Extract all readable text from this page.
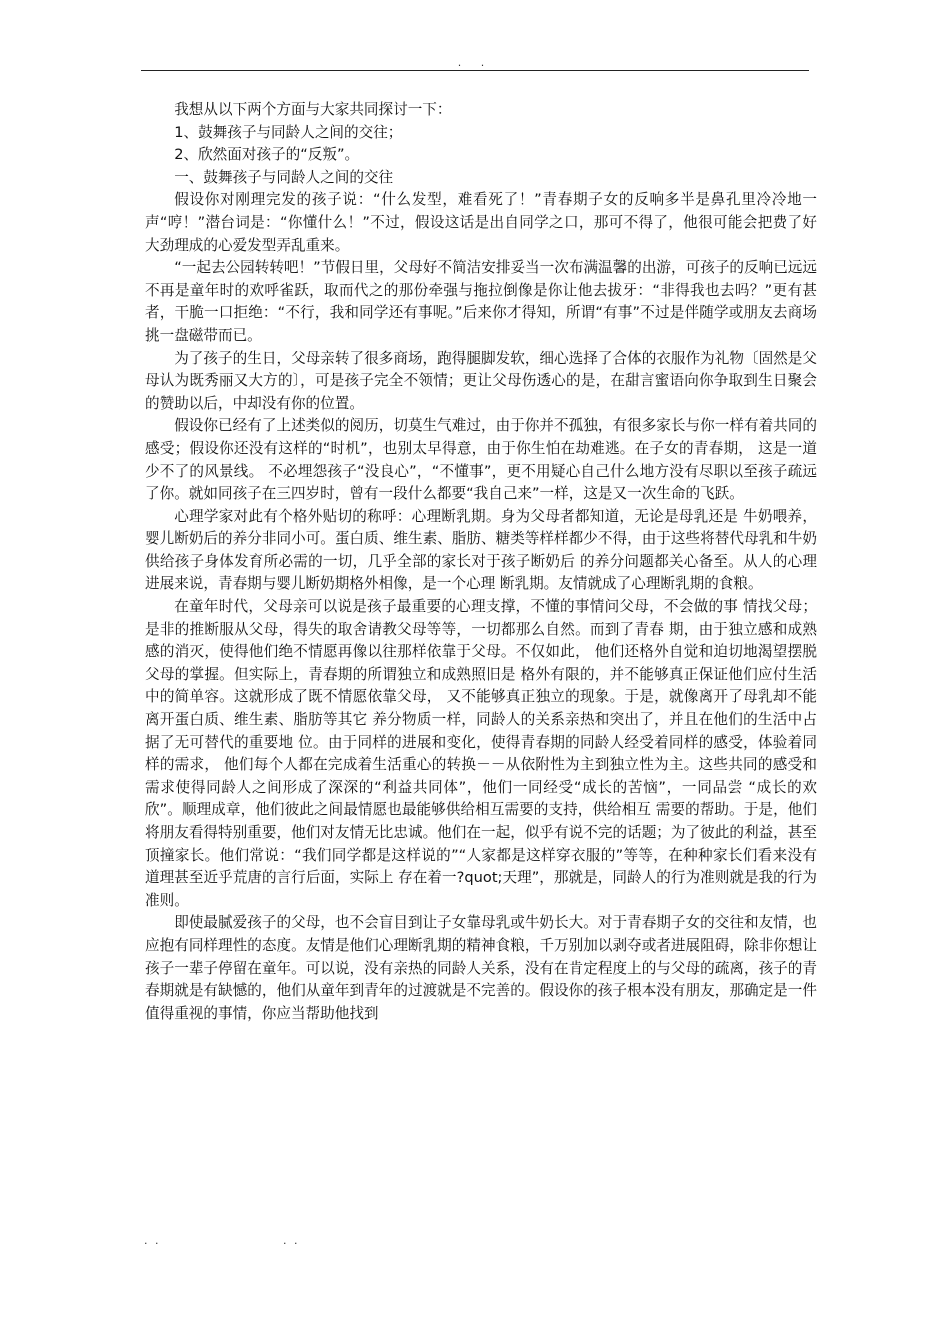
. .

我想从以下两个方面与大家共同探讨一下：

1、鼓舞孩子与同龄人之间的交往；

2、欣然面对孩子的“反叛”。

一、鼓舞孩子与同龄人之间的交往

假设你对刚理完发的孩子说：“什么发型，难看死了！”青春期子女的反响多半是鼻孔里冷冷地一声“哼！”潜台词是：“你懂什么！”不过，假设这话是出自同学之口，那可不得了，他很可能会把费了好大劲理成的心爱发型弄乱重来。

“一起去公园转转吧！”节假日里，父母好不简洁安排妥当一次布满温馨的出游，可孩子的反响已远远不再是童年时的欢呼雀跃，取而代之的那份牵强与拖拉倒像是你让他去拔牙：“非得我也去吗？”更有甚者，干脆一口拒绝：“不行，我和同学还有事呢。”后来你才得知，所谓“有事”不过是伴随学或朋友去商场挑一盘磁带而已。

为了孩子的生日，父母亲转了很多商场，跑得腿脚发软，细心选择了合体的衣服作为礼物〔固然是父母认为既秀丽又大方的〕，可是孩子完全不领情；更让父母伤透心的是，在甜言蜜语向你争取到生日聚会的赞助以后，中却没有你的位置。

假设你已经有了上述类似的阅历，切莫生气难过，由于你并不孤独，有很多家长与你一样有着共同的感受；假设你还没有这样的“时机”，也别太早得意，由于你生怕在劫难逃。在子女的青春期， 这是一道少不了的风景线。 不必埋怨孩子“没良心”，“不懂事”，更不用疑心自己什么地方没有尽职以至孩子疏远了你。就如同孩子在三四岁时，曾有一段什么都要“我自己来”一样，这是又一次生命的飞跃。

心理学家对此有个格外贴切的称呼：心理断乳期。身为父母者都知道，无论是母乳还是 牛奶喂养，婴儿断奶后的养分非同小可。蛋白质、维生素、脂肪、糖类等样样都少不得，由于这些将替代母乳和牛奶供给孩子身体发育所必需的一切，几乎全部的家长对于孩子断奶后 的养分问题都关心备至。从人的心理进展来说，青春期与婴儿断奶期格外相像，是一个心理 断乳期。友情就成了心理断乳期的食粮。

在童年时代，父母亲可以说是孩子最重要的心理支撑，不懂的事情问父母，不会做的事 情找父母；是非的推断服从父母，得失的取舍请教父母等等，一切都那么自然。而到了青春 期，由于独立感和成熟感的消灭，使得他们绝不情愿再像以往那样依靠于父母。不仅如此， 他们还格外自觉和迫切地渴望摆脱父母的掌握。但实际上，青春期的所谓独立和成熟照旧是 格外有限的，并不能够真正保证他们应付生活中的简单容。这就形成了既不情愿依靠父母， 又不能够真正独立的现象。于是，就像离开了母乳却不能离开蛋白质、维生素、脂肪等其它 养分物质一样，同龄人的关系亲热和突出了，并且在他们的生活中占据了无可替代的重要地 位。由于同样的进展和变化，使得青春期的同龄人经受着同样的感受，体验着同样的需求， 他们每个人都在完成着生活重心的转换－－从依附性为主到独立性为主。这些共同的感受和 需求使得同龄人之间形成了深深的“利益共同体”，他们一同经受“成长的苦恼”，一同品尝 “成长的欢欣”。顺理成章，他们彼此之间最情愿也最能够供给相互需要的支持，供给相互 需要的帮助。于是，他们将朋友看得特别重要，他们对友情无比忠诚。他们在一起，似乎有说不完的话题；为了彼此的利益，甚至顶撞家长。他们常说：“我们同学都是这样说的”“人家都是这样穿衣服的”等等，在种种家长们看来没有道理甚至近乎荒唐的言行后面，实际上 存在着一?quot;天理”，那就是，同龄人的行为准则就是我的行为准则。

即使最腻爱孩子的父母，也不会盲目到让子女靠母乳或牛奶长大。对于青春期子女的交往和友情，也应抱有同样理性的态度。友情是他们心理断乳期的精神食粮，千万别加以剥夺或者进展阻碍，除非你想让孩子一辈子停留在童年。可以说，没有亲热的同龄人关系，没有在肯定程度上的与父母的疏离，孩子的青春期就是有缺憾的，他们从童年到青年的过渡就是不完善的。假设你的孩子根本没有朋友，那确定是一件值得重视的事情，你应当帮助他找到

. .	. .
